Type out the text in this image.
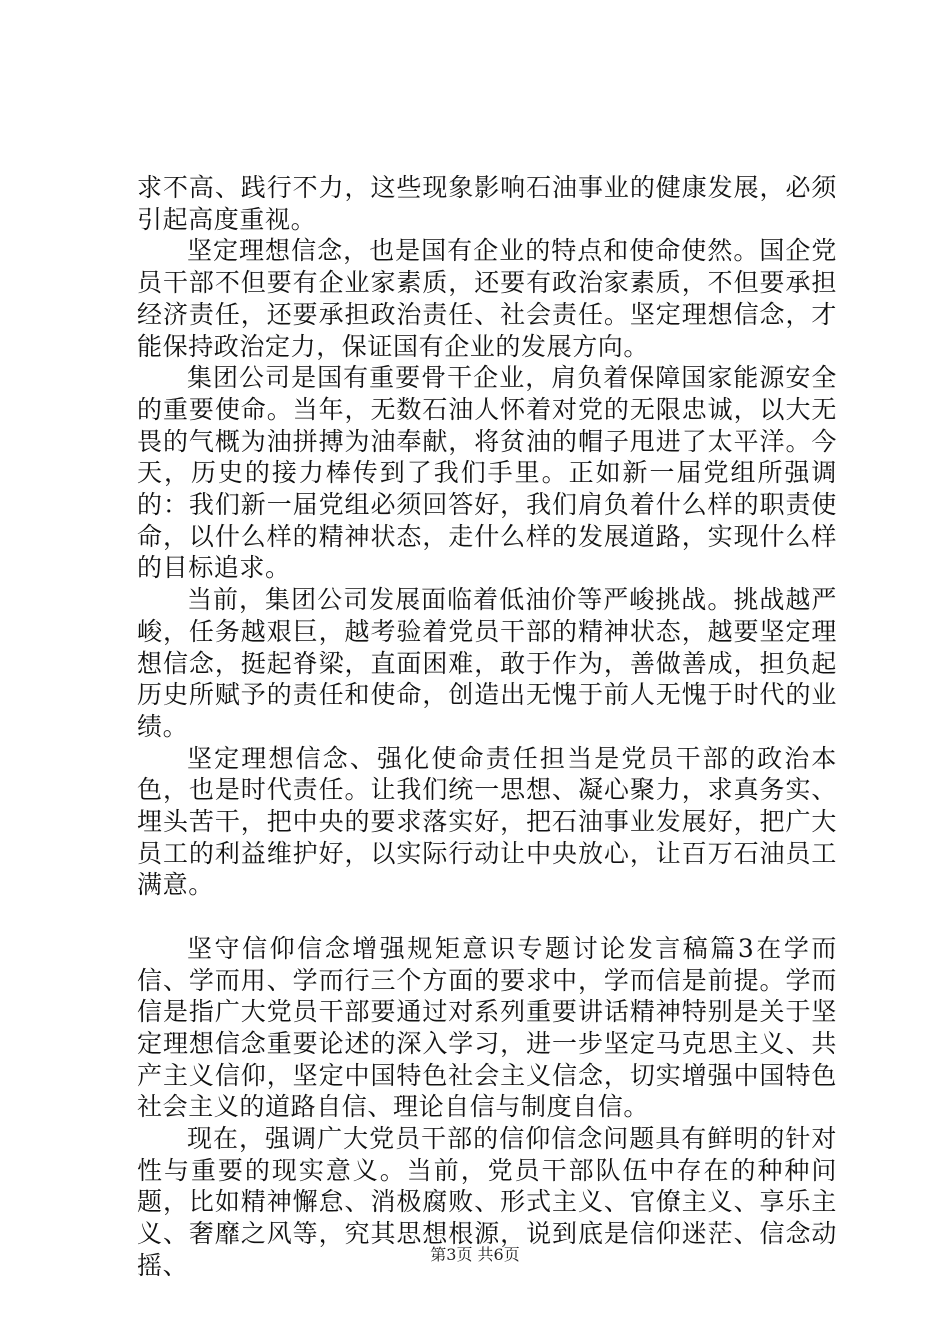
求不高、践行不力，这些现象影响石油事业的健康发展，必须引起高度重视。

坚定理想信念，也是国有企业的特点和使命使然。国企党员干部不但要有企业家素质，还要有政治家素质，不但要承担经济责任，还要承担政治责任、社会责任。坚定理想信念，才能保持政治定力，保证国有企业的发展方向。

集团公司是国有重要骨干企业，肩负着保障国家能源安全的重要使命。当年，无数石油人怀着对党的无限忠诚，以大无畏的气概为油拼搏为油奉献，将贫油的帽子甩进了太平洋。今天，历史的接力棒传到了我们手里。正如新一届党组所强调的：我们新一届党组必须回答好，我们肩负着什么样的职责使命，以什么样的精神状态，走什么样的发展道路，实现什么样的目标追求。

当前，集团公司发展面临着低油价等严峻挑战。挑战越严峻，任务越艰巨，越考验着党员干部的精神状态，越要坚定理想信念，挺起脊梁，直面困难，敢于作为，善做善成，担负起历史所赋予的责任和使命，创造出无愧于前人无愧于时代的业绩。

坚定理想信念、强化使命责任担当是党员干部的政治本色，也是时代责任。让我们统一思想、凝心聚力，求真务实、埋头苦干，把中央的要求落实好，把石油事业发展好，把广大员工的利益维护好，以实际行动让中央放心，让百万石油员工满意。

坚守信仰信念增强规矩意识专题讨论发言稿篇3在学而信、学而用、学而行三个方面的要求中，学而信是前提。学而信是指广大党员干部要通过对系列重要讲话精神特别是关于坚定理想信念重要论述的深入学习，进一步坚定马克思主义、共产主义信仰，坚定中国特色社会主义信念，切实增强中国特色社会主义的道路自信、理论自信与制度自信。

现在，强调广大党员干部的信仰信念问题具有鲜明的针对性与重要的现实意义。当前，党员干部队伍中存在的种种问题，比如精神懈怠、消极腐败、形式主义、官僚主义、享乐主义、奢靡之风等，究其思想根源，说到底是信仰迷茫、信念动摇、	第3页 共6页
